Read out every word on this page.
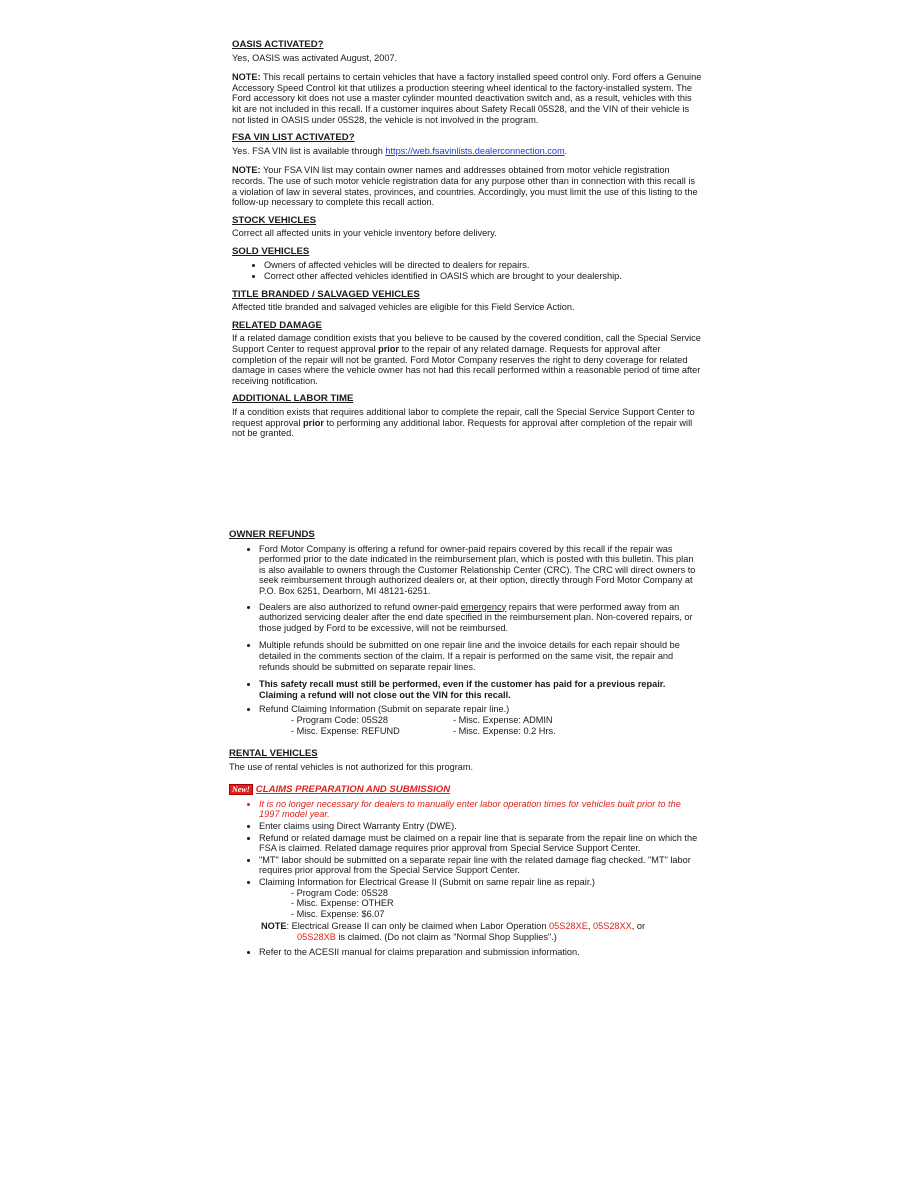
OASIS ACTIVATED?

Yes, OASIS was activated August, 2007.

NOTE: This recall pertains to certain vehicles that have a factory installed speed control only. Ford offers a Genuine Accessory Speed Control kit that utilizes a production steering wheel identical to the factory-installed system. The Ford accessory kit does not use a master cylinder mounted deactivation switch and, as a result, vehicles with this kit are not included in this recall. If a customer inquires about Safety Recall 05S28, and the VIN of their vehicle is not listed in OASIS under 05S28, the vehicle is not involved in the program.

FSA VIN LIST ACTIVATED?

Yes. FSA VIN list is available through https://web.fsavinlists.dealerconnection.com.

NOTE: Your FSA VIN list may contain owner names and addresses obtained from motor vehicle registration records. The use of such motor vehicle registration data for any purpose other than in connection with this recall is a violation of law in several states, provinces, and countries. Accordingly, you must limit the use of this listing to the follow-up necessary to complete this recall action.

STOCK VEHICLES

Correct all affected units in your vehicle inventory before delivery.

SOLD VEHICLES
• Owners of affected vehicles will be directed to dealers for repairs.
• Correct other affected vehicles identified in OASIS which are brought to your dealership.
TITLE BRANDED / SALVAGED VEHICLES

Affected title branded and salvaged vehicles are eligible for this Field Service Action.

RELATED DAMAGE

If a related damage condition exists that you believe to be caused by the covered condition, call the Special Service Support Center to request approval prior to the repair of any related damage. Requests for approval after completion of the repair will not be granted. Ford Motor Company reserves the right to deny coverage for related damage in cases where the vehicle owner has not had this recall performed within a reasonable period of time after receiving notification.

ADDITIONAL LABOR TIME

If a condition exists that requires additional labor to complete the repair, call the Special Service Support Center to request approval prior to performing any additional labor. Requests for approval after completion of the repair will not be granted.

OWNER REFUNDS
• Ford Motor Company is offering a refund for owner-paid repairs covered by this recall if the repair was performed prior to the date indicated in the reimbursement plan, which is posted with this bulletin. This plan is also available to owners through the Customer Relationship Center (CRC). The CRC will direct owners to seek reimbursement through authorized dealers or, at their option, directly through Ford Motor Company at P.O. Box 6251, Dearborn, MI 48121-6251.
• Dealers are also authorized to refund owner-paid emergency repairs that were performed away from an authorized servicing dealer after the end date specified in the reimbursement plan. Non-covered repairs, or those judged by Ford to be excessive, will not be reimbursed.
• Multiple refunds should be submitted on one repair line and the invoice details for each repair should be detailed in the comments section of the claim. If a repair is performed on the same visit, the repair and refunds should be submitted on separate repair lines.
• This safety recall must still be performed, even if the customer has paid for a previous repair. Claiming a refund will not close out the VIN for this recall.
• Refund Claiming Information (Submit on separate repair line.)
- Program Code: 05S28	- Misc. Expense: ADMIN
- Misc. Expense: REFUND	- Misc. Expense: 0.2 Hrs.
RENTAL VEHICLES

The use of rental vehicles is not authorized for this program.

New! CLAIMS PREPARATION AND SUBMISSION
• It is no longer necessary for dealers to manually enter labor operation times for vehicles built prior to the 1997 model year.
• Enter claims using Direct Warranty Entry (DWE).
• Refund or related damage must be claimed on a repair line that is separate from the repair line on which the FSA is claimed. Related damage requires prior approval from Special Service Support Center.
• "MT" labor should be submitted on a separate repair line with the related damage flag checked. "MT" labor requires prior approval from the Special Service Support Center.
• Claiming Information for Electrical Grease II (Submit on same repair line as repair.)
- Program Code: 05S28
- Misc. Expense: OTHER
- Misc. Expense: $6.07
NOTE: Electrical Grease II can only be claimed when Labor Operation 05S28XE, 05S28XX, or
05S28XB is claimed. (Do not claim as "Normal Shop Supplies".)
• Refer to the ACESII manual for claims preparation and submission information.
